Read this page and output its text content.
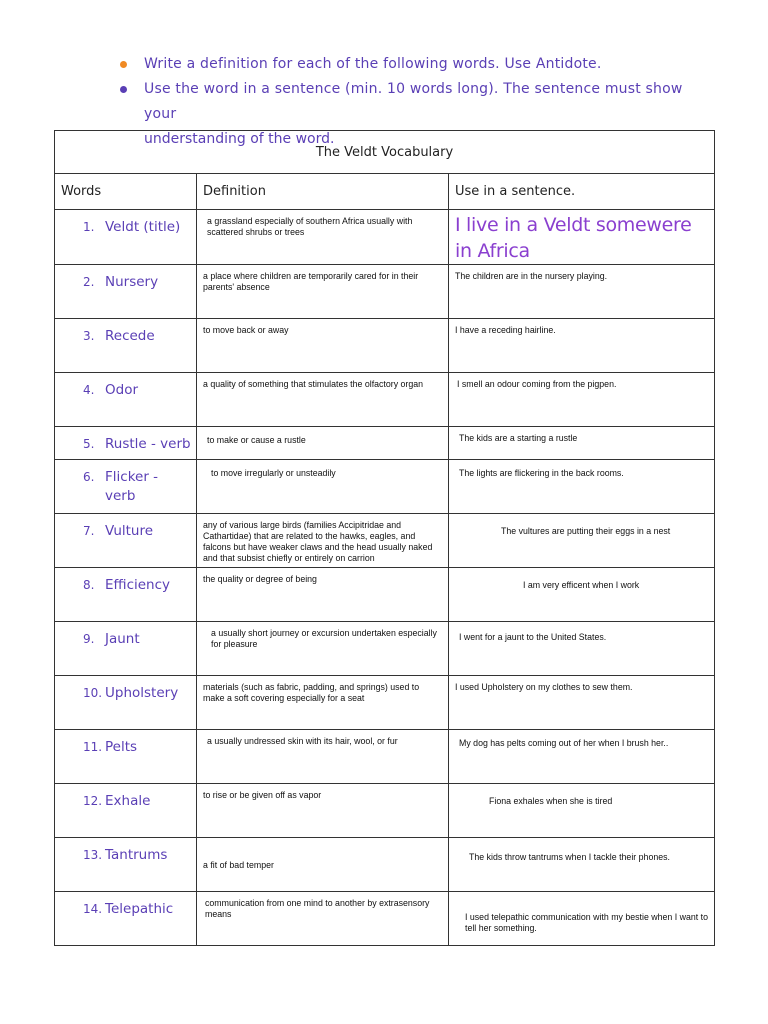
Write a definition for each of the following words. Use Antidote.
Use the word in a sentence (min. 10 words long). The sentence must show your
understanding of the word.
The Veldt Vocabulary		
Words	Definition	Use in a sentence.

1. Veldt (title)	a grassland especially of southern Africa usually with scattered shrubs or trees	I live in a Veldt somewere in Africa

2. Nursery	a place where children are temporarily cared for in their parents' absence	The children are in the nursery playing.

3. Recede	to move back or away	I have a receding hairline.

4. Odor	a quality of something that stimulates the olfactory organ	I smell an odour coming from the pigpen.

5. Rustle - verb	to make or cause a rustle	The kids are a starting a rustle

6. Flicker - verb	to move irregularly or unsteadily	The lights are flickering in the back rooms.

7. Vulture	any of various large birds (families Accipitridae and Cathartidae) that are related to the hawks, eagles, and falcons but have weaker claws and the head usually naked and that subsist chiefly or entirely on carrion	The vultures are putting their eggs in a nest

8. Efficiency	the quality or degree of being	I am very efficent when I work

9. Jaunt	a usually short journey or excursion undertaken especially for pleasure	I went for a jaunt to the United States.

10. Upholstery	materials (such as fabric, padding, and springs) used to make a soft covering especially for a seat	I used Upholstery on my clothes to sew them.

11. Pelts	a usually undressed skin with its hair, wool, or fur	My dog has pelts coming out of her when I brush her..

12. Exhale	to rise or be given off as vapor	Fiona exhales when she is tired

13. Tantrums	a fit of bad temper	The kids throw tantrums when I tackle their phones.

14. Telepathic	communication from one mind to another by extrasensory means	I used telepathic communication with my bestie when I want to tell her something.
